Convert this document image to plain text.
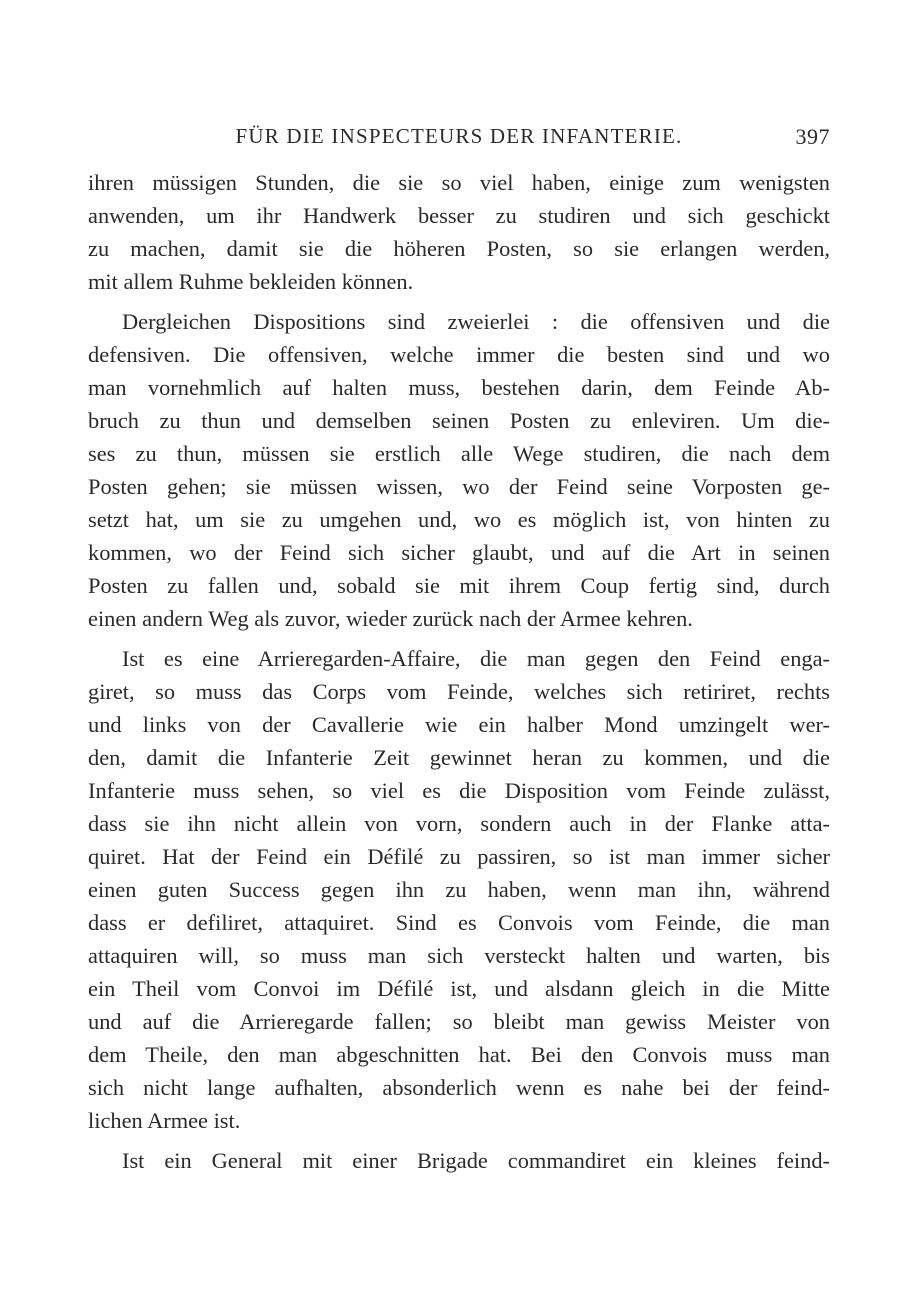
FÜR DIE INSPECTEURS DER INFANTERIE.	397
ihren müssigen Stunden, die sie so viel haben, einige zum wenigsten
anwenden, um ihr Handwerk besser zu studiren und sich geschickt
zu machen, damit sie die höheren Posten, so sie erlangen werden,
mit allem Ruhme bekleiden können.
Dergleichen Dispositions sind zweierlei : die offensiven und die
defensiven. Die offensiven, welche immer die besten sind und wo
man vornehmlich auf halten muss, bestehen darin, dem Feinde Ab-
bruch zu thun und demselben seinen Posten zu enleviren. Um die-
ses zu thun, müssen sie erstlich alle Wege studiren, die nach dem
Posten gehen; sie müssen wissen, wo der Feind seine Vorposten ge-
setzt hat, um sie zu umgehen und, wo es möglich ist, von hinten zu
kommen, wo der Feind sich sicher glaubt, und auf die Art in seinen
Posten zu fallen und, sobald sie mit ihrem Coup fertig sind, durch
einen andern Weg als zuvor, wieder zurück nach der Armee kehren.
Ist es eine Arrieregarden-Affaire, die man gegen den Feind enga-
giret, so muss das Corps vom Feinde, welches sich retiriret, rechts
und links von der Cavallerie wie ein halber Mond umzingelt wer-
den, damit die Infanterie Zeit gewinnet heran zu kommen, und die
Infanterie muss sehen, so viel es die Disposition vom Feinde zulässt,
dass sie ihn nicht allein von vorn, sondern auch in der Flanke atta-
quiret. Hat der Feind ein Défilé zu passiren, so ist man immer sicher
einen guten Success gegen ihn zu haben, wenn man ihn, während
dass er defiliret, attaquiret. Sind es Convois vom Feinde, die man
attaquiren will, so muss man sich versteckt halten und warten, bis
ein Theil vom Convoi im Défilé ist, und alsdann gleich in die Mitte
und auf die Arrieregarde fallen; so bleibt man gewiss Meister von
dem Theile, den man abgeschnitten hat. Bei den Convois muss man
sich nicht lange aufhalten, absonderlich wenn es nahe bei der feind-
lichen Armee ist.
Ist ein General mit einer Brigade commandiret ein kleines feind-
